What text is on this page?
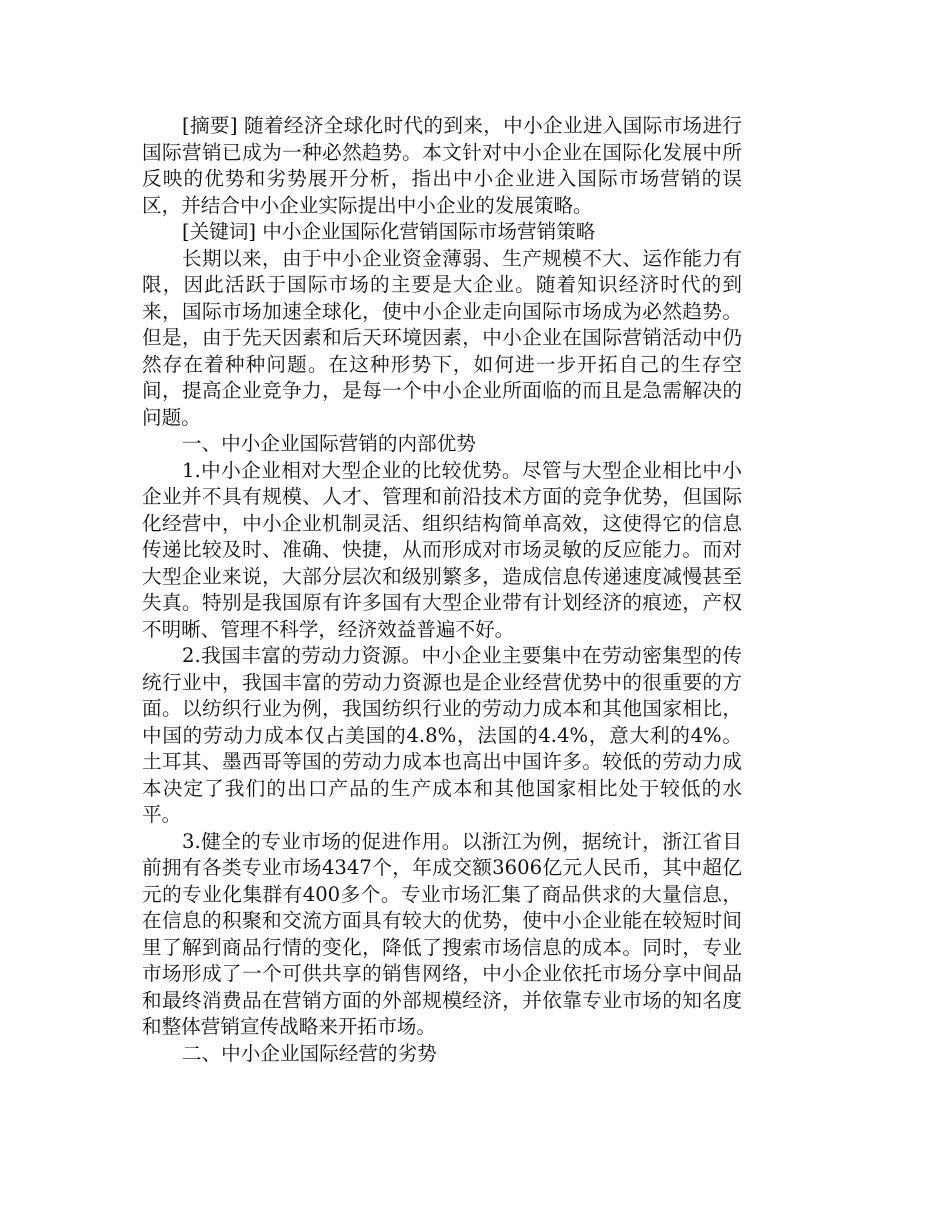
[摘要] 随着经济全球化时代的到来，中小企业进入国际市场进行国际营销已成为一种必然趋势。本文针对中小企业在国际化发展中所反映的优势和劣势展开分析，指出中小企业进入国际市场营销的误区，并结合中小企业实际提出中小企业的发展策略。

[关键词] 中小企业国际化营销国际市场营销策略

长期以来，由于中小企业资金薄弱、生产规模不大、运作能力有限，因此活跃于国际市场的主要是大企业。随着知识经济时代的到来，国际市场加速全球化，使中小企业走向国际市场成为必然趋势。但是，由于先天因素和后天环境因素，中小企业在国际营销活动中仍然存在着种种问题。在这种形势下，如何进一步开拓自己的生存空间，提高企业竞争力，是每一个中小企业所面临的而且是急需解决的问题。

一、中小企业国际营销的内部优势

1.中小企业相对大型企业的比较优势。尽管与大型企业相比中小企业并不具有规模、人才、管理和前沿技术方面的竞争优势，但国际化经营中，中小企业机制灵活、组织结构简单高效，这使得它的信息传递比较及时、准确、快捷，从而形成对市场灵敏的反应能力。而对大型企业来说，大部分层次和级别繁多，造成信息传递速度减慢甚至失真。特别是我国原有许多国有大型企业带有计划经济的痕迹，产权不明晰、管理不科学，经济效益普遍不好。

2.我国丰富的劳动力资源。中小企业主要集中在劳动密集型的传统行业中，我国丰富的劳动力资源也是企业经营优势中的很重要的方面。以纺织行业为例，我国纺织行业的劳动力成本和其他国家相比，中国的劳动力成本仅占美国的4.8%，法国的4.4%，意大利的4%。土耳其、墨西哥等国的劳动力成本也高出中国许多。较低的劳动力成本决定了我们的出口产品的生产成本和其他国家相比处于较低的水平。

3.健全的专业市场的促进作用。以浙江为例，据统计，浙江省目前拥有各类专业市场4347个，年成交额3606亿元人民币，其中超亿元的专业化集群有400多个。专业市场汇集了商品供求的大量信息，在信息的积聚和交流方面具有较大的优势，使中小企业能在较短时间里了解到商品行情的变化，降低了搜索市场信息的成本。同时，专业市场形成了一个可供共享的销售网络，中小企业依托市场分享中间品和最终消费品在营销方面的外部规模经济，并依靠专业市场的知名度和整体营销宣传战略来开拓市场。

二、中小企业国际经营的劣势
